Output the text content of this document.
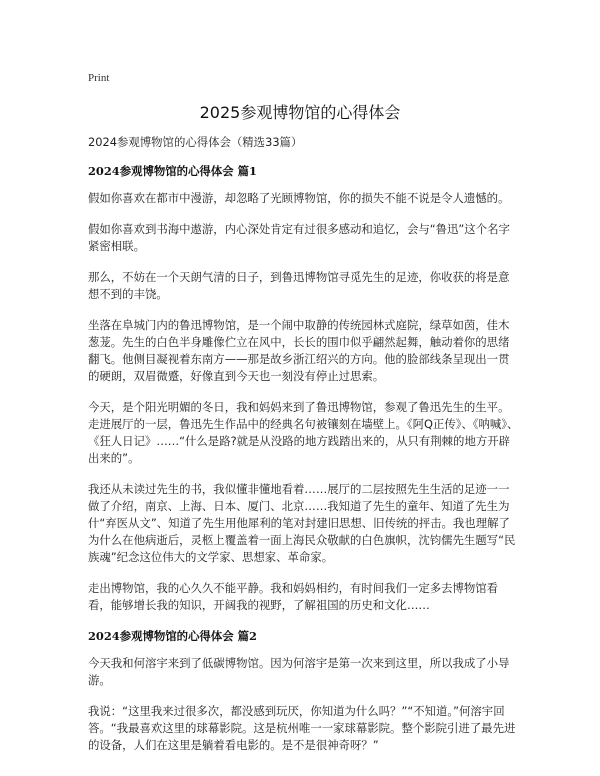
Print
2025参观博物馆的心得体会

2024参观博物馆的心得体会（精选33篇）

2024参观博物馆的心得体会 篇1

假如你喜欢在都市中漫游，却忽略了光顾博物馆，你的损失不能不说是令人遗憾的。

假如你喜欢到书海中遨游，内心深处肯定有过很多感动和追忆，会与“鲁迅”这个名字紧密相联。

那么，不妨在一个天朗气清的日子，到鲁迅博物馆寻觅先生的足迹，你收获的将是意想不到的丰饶。

坐落在阜城门内的鲁迅博物馆，是一个闹中取静的传统园林式庭院，绿草如茵，佳木葱茏。先生的白色半身雕像伫立在风中，长长的围巾似乎翩然起舞，触动着你的思绪翻飞。他侧目凝视着东南方——那是故乡浙江绍兴的方向。他的脸部线条呈现出一贯的硬朗，双眉微蹙，好像直到今天也一刻没有停止过思索。

今天，是个阳光明媚的冬日，我和妈妈来到了鲁迅博物馆，参观了鲁迅先生的生平。走进展厅的一层，鲁迅先生作品中的经典名句被镶刻在墙壁上。《阿Q正传》、《呐喊》、《狂人日记》……“什么是路?就是从没路的地方践踏出来的，从只有荆棘的地方开辟出来的”。

我还从未读过先生的书，我似懂非懂地看着……展厅的二层按照先生生活的足迹一一做了介绍，南京、上海、日本、厦门、北京……我知道了先生的童年、知道了先生为什“弃医从文”、知道了先生用他犀利的笔对封建旧思想、旧传统的抨击。我也理解了为什么在他病逝后，灵柩上覆盖着一面上海民众敬献的白色旗帜，沈钧儒先生题写“民族魂”纪念这位伟大的文学家、思想家、革命家。

走出博物馆，我的心久久不能平静。我和妈妈相约，有时间我们一定多去博物馆看看，能够增长我的知识，开阔我的视野，了解祖国的历史和文化……

2024参观博物馆的心得体会 篇2

今天我和何溶宇来到了低碳博物馆。因为何溶宇是第一次来到这里，所以我成了小导游。

我说：“这里我来过很多次，都没感到玩厌，你知道为什么吗？”“不知道。”何溶宇回答。“我最喜欢这里的球幕影院。这是杭州唯一一家球幕影院。整个影院引进了最先进的设备，人们在这里是躺着看电影的。是不是很神奇呀？”
